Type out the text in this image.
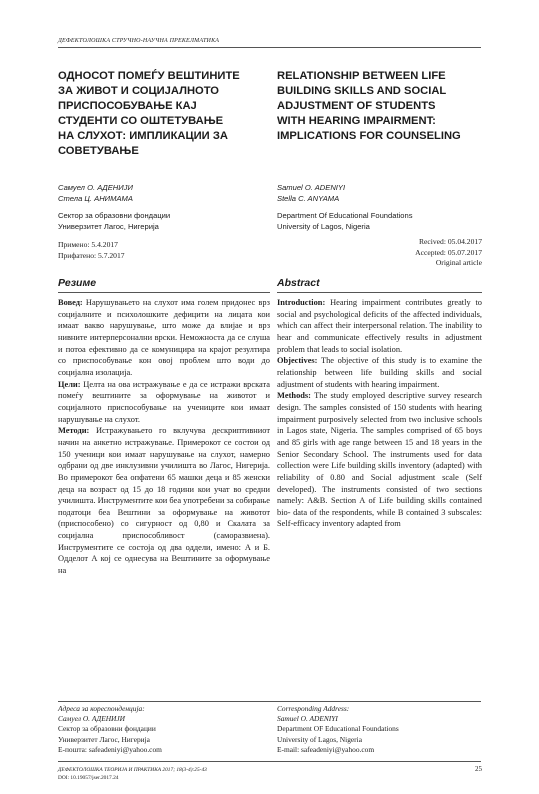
ДЕФЕКТОЛОШКА СТРУЧНО-НАУЧНА ПРЕКЕЛМАТИКА
ОДНОСОТ ПОМЕЃУ ВЕШТИНИТЕ
ЗА ЖИВОТ И СОЦИЈАЛНОТО
ПРИСПОСОБУВАЊЕ КАЈ
СТУДЕНТИ СО ОШТЕТУВАЊЕ
НА СЛУХОТ: ИМПЛИКАЦИИ ЗА
СОВЕТУВАЊЕ
Самуел О. АДЕНИЈИ
Стела Ц. АНИМАМА
Сектор за образовни фондации
Универзитет Лагос, Нигерија
Примено: 5.4.2017
Прифатено: 5.7.2017
Резиме

Вовед: Нарушувањето на слухот има голем придонес врз социјалните и психолошките дефицити на лицата кои имаат вакво нарушување, што може да влијае и врз нивните интерперсонални врски. Неможноста да се слуша и потоа ефективно да се комуницира на крајот резултира со приспособување кон овој проблем што води до социјална изолација.

Цели: Целта на ова истражување е да се истражи врската помеѓу вештините за оформување на животот и социјалното приспособување на учениците кои имаат нарушување на слухот.

Методи: Истражувањето го вклучува дескриптивниот начин на анкетно истражување. Примерокот се состои од 150 ученици кои имаат нарушување на слухот, намерно одбрани од две инклузивни училишта во Лагос, Нигерија. Во примерокот беа опфатени 65 машки деца и 85 женски деца на возраст од 15 до 18 години кои учат во средни училишта. Инструментите кои беа употребени за собирање податоци беа Вештини за оформување на животот (приспособено) со сигурност од 0,80 и Скалата за социјална приспособливост (саморазвиена). Инструментите се состоја од два оддели, имено: А и Б. Одделот А кој се однесува на Вештините за оформување на

RELATIONSHIP BETWEEN LIFE
BUILDING SKILLS AND SOCIAL
ADJUSTMENT OF STUDENTS
WITH HEARING IMPAIRMENT:
IMPLICATIONS FOR COUNSELING
Samuel O. ADENIYI
Stella C. ANYAMA
Department Of Educational Foundations
University of Lagos, Nigeria
Recived: 05.04.2017
Accepted: 05.07.2017
Original article
Abstract

Introduction: Hearing impairment contributes greatly to social and psychological deficits of the affected individuals, which can affect their interpersonal relation. The inability to hear and communicate effectively results in adjustment problem that leads to social isolation.

Objectives: The objective of this study is to examine the relationship between life building skills and social adjustment of students with hearing impairment.

Methods: The study employed descriptive survey research design. The samples consisted of 150 students with hearing impairment purposively selected from two inclusive schools in Lagos state, Nigeria. The samples comprised of 65 boys and 85 girls with age range between 15 and 18 years in the Senior Secondary School. The instruments used for data collection were Life building skills inventory (adapted) with reliability of 0.80 and Social adjustment scale (Self developed). The instruments consisted of two sections namely: A&B. Section A of Life building skills contained bio- data of the respondents, while B contained 3 subscales: Self-efficacy inventory adapted from

Адреса за кореспонденција:
Самуел О. АДЕНИЈИ
Сектор за образовни фондации
Универзитет Лагос, Нигерија
Е-пошта: safeadeniyi@yahoo.com
Corresponding Address:
Samuel O. ADENIYI
Department OF Educational Foundations
University of Lagos, Nigeria
E-mail: safeadeniyi@yahoo.com
ДЕФЕКТОЛОШКА ТЕОРИЈА И ПРАКТИКА 2017; 18(3-4):25-43
DOI: 10.19057/jser.2017.24
25
